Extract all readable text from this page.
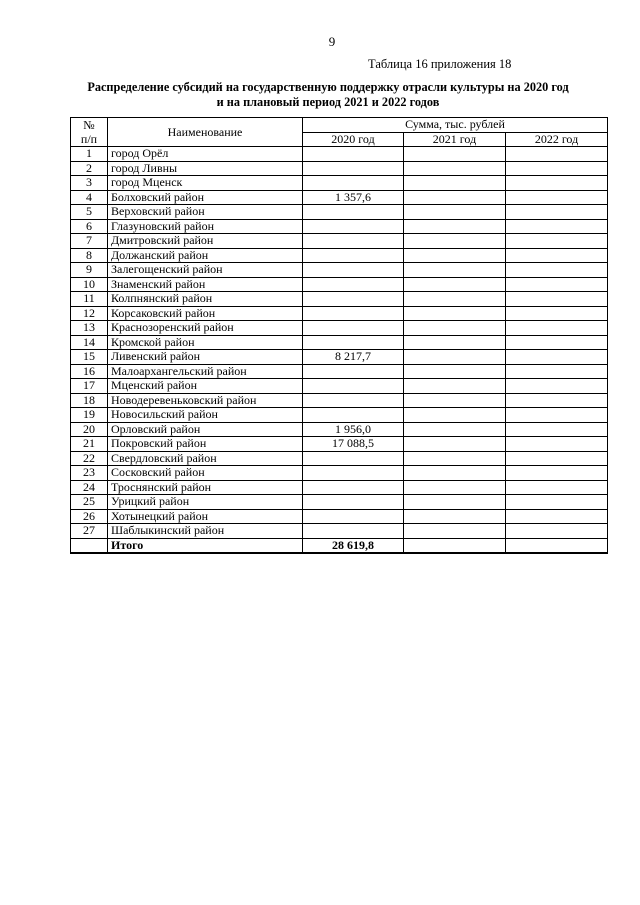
9
Таблица 16 приложения 18
Распределение субсидий на государственную поддержку отрасли культуры на 2020 год
и на плановый период 2021 и 2022 годов
№ п/п	Наименование	Сумма, тыс. рублей		
		2020 год	2021 год	2022 год
1	город Орёл			
2	город Ливны			
3	город Мценск			
4	Болховский район	1 357,6		
5	Верховский район			
6	Глазуновский район			
7	Дмитровский район			
8	Должанский район			
9	Залегощенский район			
10	Знаменский район			
11	Колпнянский район			
12	Корсаковский район			
13	Краснозоренский район			
14	Кромской район			
15	Ливенский район	8 217,7		
16	Малоархангельский район			
17	Мценский район			
18	Новодеревеньковский район			
19	Новосильский район			
20	Орловский район	1 956,0		
21	Покровский район	17 088,5		
22	Свердловский район			
23	Сосковский район			
24	Троснянский район			
25	Урицкий район			
26	Хотынецкий район			
27	Шаблыкинский район			
	Итого	28 619,8		
